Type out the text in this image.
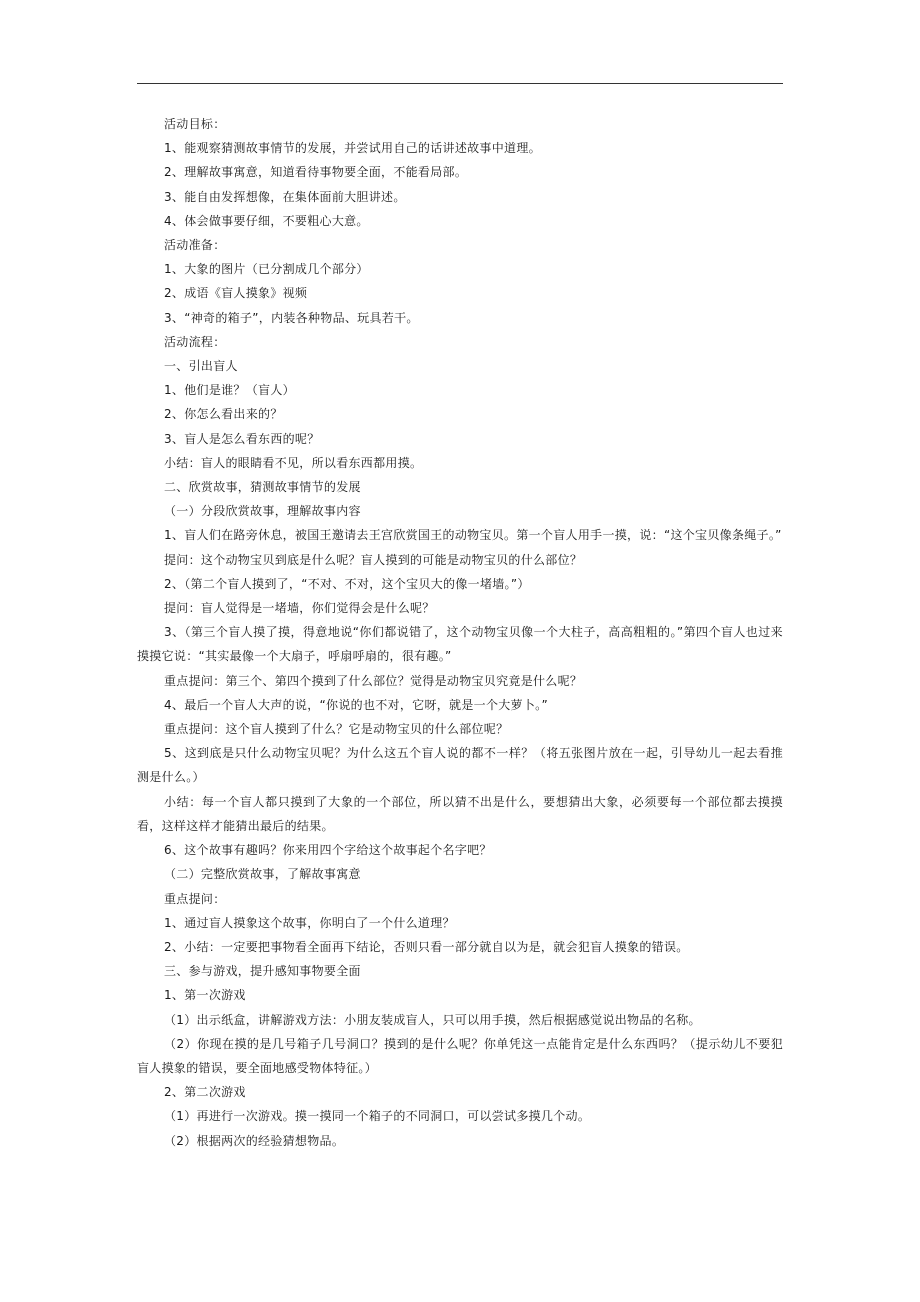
活动目标：
1、能观察猜测故事情节的发展，并尝试用自己的话讲述故事中道理。
2、理解故事寓意，知道看待事物要全面，不能看局部。
3、能自由发挥想像，在集体面前大胆讲述。
4、体会做事要仔细，不要粗心大意。
活动准备：
1、大象的图片（已分割成几个部分）
2、成语《盲人摸象》视频
3、“神奇的箱子”，内装各种物品、玩具若干。
活动流程：
一、引出盲人
1、他们是谁？（盲人）
2、你怎么看出来的？
3、盲人是怎么看东西的呢？
小结：盲人的眼睛看不见，所以看东西都用摸。
二、欣赏故事，猜测故事情节的发展
（一）分段欣赏故事，理解故事内容
1、盲人们在路旁休息，被国王邀请去王宫欣赏国王的动物宝贝。第一个盲人用手一摸，说：“这个宝贝像条绳子。”
提问：这个动物宝贝到底是什么呢？盲人摸到的可能是动物宝贝的什么部位？
2、（第二个盲人摸到了，“不对、不对，这个宝贝大的像一堵墙。”）
提问：盲人觉得是一堵墙，你们觉得会是什么呢？
3、（第三个盲人摸了摸，得意地说“你们都说错了，这个动物宝贝像一个大柱子，高高粗粗的。”第四个盲人也过来摸摸它说：“其实最像一个大扇子，呼扇呼扇的，很有趣。”
重点提问：第三个、第四个摸到了什么部位？觉得是动物宝贝究竟是什么呢？
4、最后一个盲人大声的说，“你说的也不对，它呀，就是一个大萝卜。”
重点提问：这个盲人摸到了什么？它是动物宝贝的什么部位呢？
5、这到底是只什么动物宝贝呢？为什么这五个盲人说的都不一样？（将五张图片放在一起，引导幼儿一起去看推测是什么。）
小结：每一个盲人都只摸到了大象的一个部位，所以猜不出是什么，要想猜出大象，必须要每一个部位都去摸摸看，这样这样才能猜出最后的结果。
6、这个故事有趣吗？你来用四个字给这个故事起个名字吧？
（二）完整欣赏故事，了解故事寓意
重点提问：
1、通过盲人摸象这个故事，你明白了一个什么道理？
2、小结：一定要把事物看全面再下结论，否则只看一部分就自以为是，就会犯盲人摸象的错误。
三、参与游戏，提升感知事物要全面
1、第一次游戏
（1）出示纸盒，讲解游戏方法：小朋友装成盲人，只可以用手摸，然后根据感觉说出物品的名称。
（2）你现在摸的是几号箱子几号洞口？摸到的是什么呢？你单凭这一点能肯定是什么东西吗？（提示幼儿不要犯盲人摸象的错误，要全面地感受物体特征。）
2、第二次游戏
（1）再进行一次游戏。摸一摸同一个箱子的不同洞口，可以尝试多摸几个动。
（2）根据两次的经验猜想物品。
